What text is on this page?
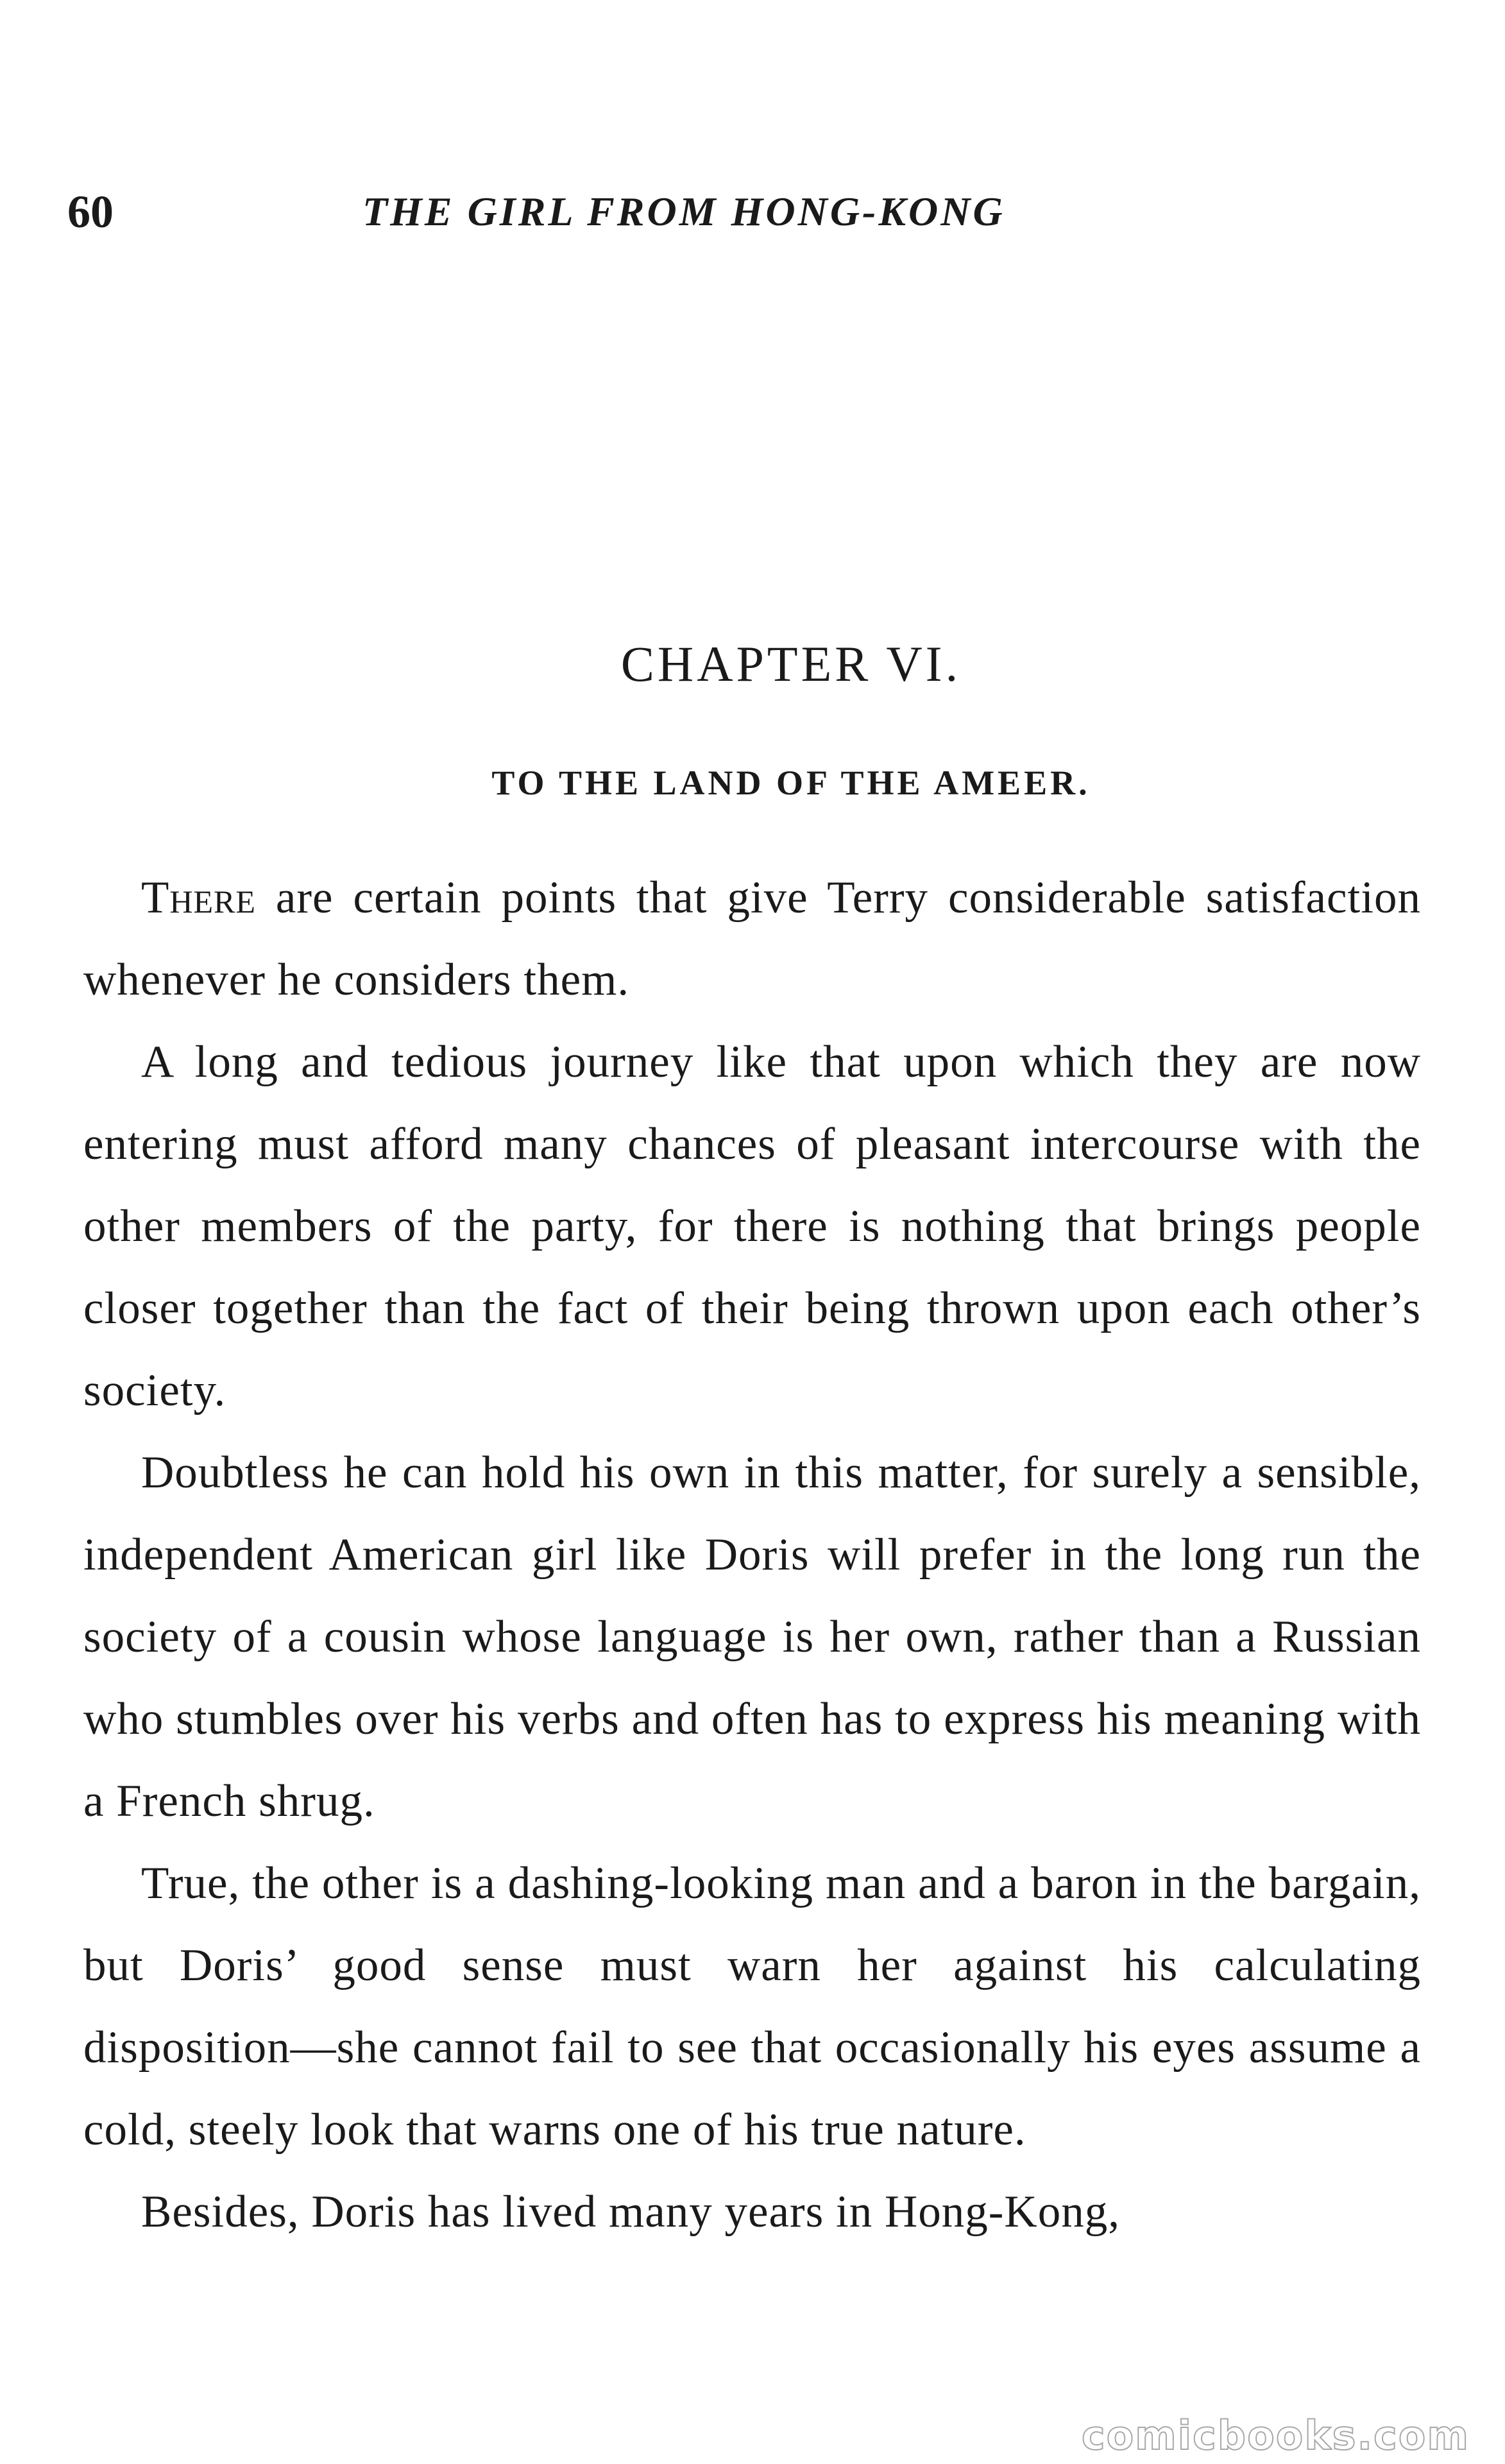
60	THE GIRL FROM HONG-KONG
CHAPTER VI.
TO THE LAND OF THE AMEER.

There are certain points that give Terry considerable satisfaction whenever he considers them.

A long and tedious journey like that upon which they are now entering must afford many chances of pleasant intercourse with the other members of the party, for there is nothing that brings people closer together than the fact of their being thrown upon each other’s society.

Doubtless he can hold his own in this matter, for surely a sensible, independent American girl like Doris will prefer in the long run the society of a cousin whose language is her own, rather than a Russian who stumbles over his verbs and often has to express his meaning with a French shrug.

True, the other is a dashing-looking man and a baron in the bargain, but Doris’ good sense must warn her against his calculating disposition—she cannot fail to see that occasionally his eyes assume a cold, steely look that warns one of his true nature.

Besides, Doris has lived many years in Hong-Kong,

comicbooks.com
